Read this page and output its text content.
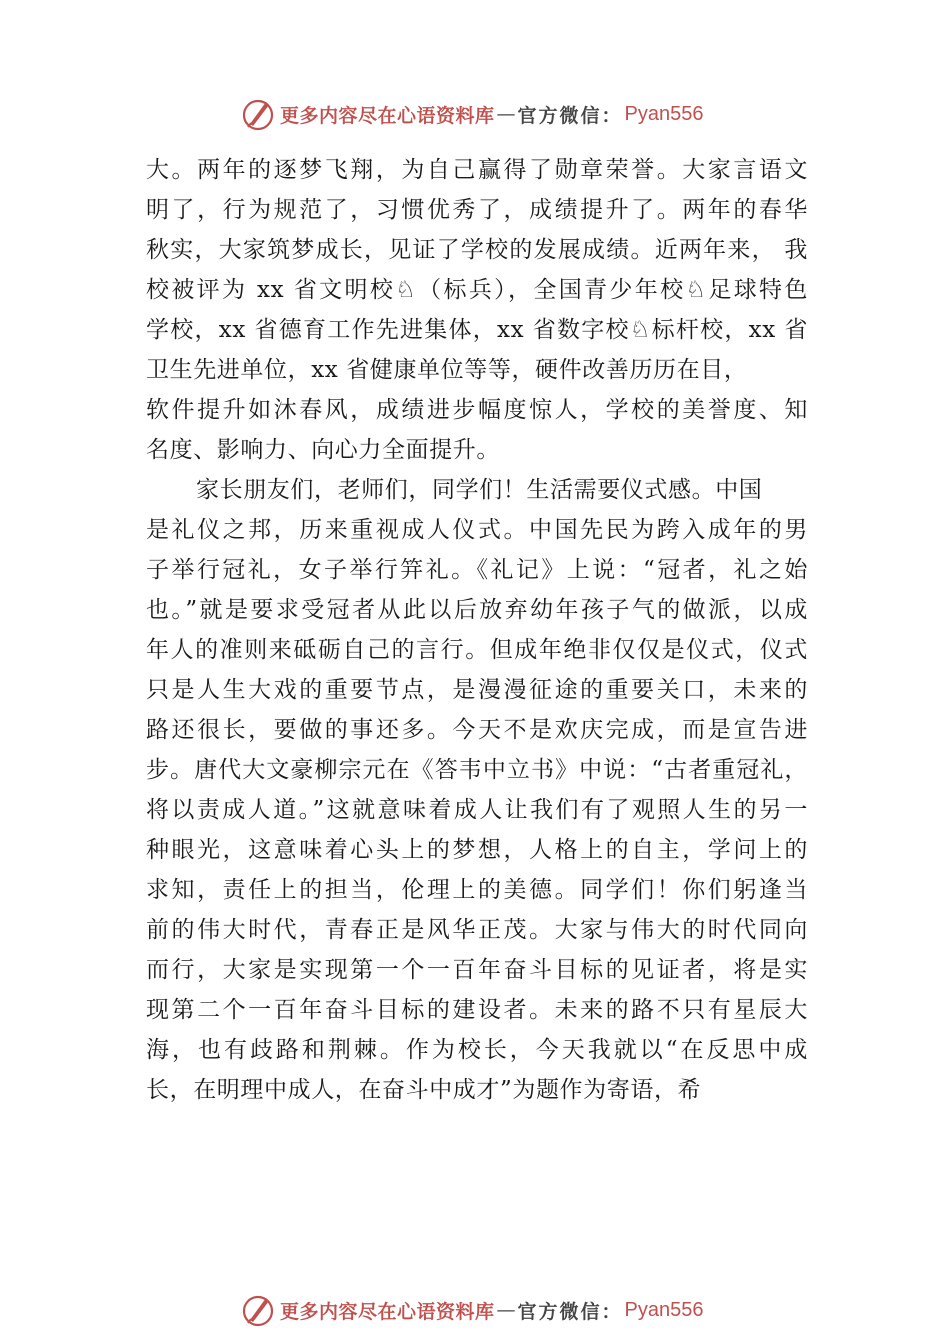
更多内容尽在心语资料库 — 官方微信： Pyan556
大。两年的逐梦飞翔，为自己赢得了勋章荣誉。大家言语文
明了，行为规范了，习惯优秀了，成绩提升了。两年的春华
秋实，大家筑梦成长，见证了学校的发展成绩。近两年来， 我
校被评为 xx 省文明校♘（标兵），全国青少年校♘足球特色
学校，xx 省德育工作先进集体，xx 省数字校♘标杆校，xx 省
卫生先进单位，xx 省健康单位等等，硬件改善历历在目，
软件提升如沐春风，成绩进步幅度惊人，学校的美誉度、知
名度、影响力、向心力全面提升。
家长朋友们，老师们，同学们！生活需要仪式感。中国
是礼仪之邦，历来重视成人仪式。中国先民为跨入成年的男
子举行冠礼，女子举行笄礼。《礼记》上说：“冠者，礼之始
也。”就是要求受冠者从此以后放弃幼年孩子气的做派，以成
年人的准则来砥砺自己的言行。但成年绝非仅仅是仪式，仪式
只是人生大戏的重要节点，是漫漫征途的重要关口，未来的
路还很长，要做的事还多。今天不是欢庆完成，而是宣告进
步。唐代大文豪柳宗元在《答韦中立书》中说：“古者重冠礼，
将以责成人道。”这就意味着成人让我们有了观照人生的另一
种眼光，这意味着心头上的梦想，人格上的自主，学问上的
求知，责任上的担当，伦理上的美德。同学们！你们躬逢当
前的伟大时代，青春正是风华正茂。大家与伟大的时代同向
而行，大家是实现第一个一百年奋斗目标的见证者，将是实
现第二个一百年奋斗目标的建设者。未来的路不只有星辰大
海，也有歧路和荆棘。作为校长，今天我就以“在反思中成
长，在明理中成人，在奋斗中成才”为题作为寄语，希
更多内容尽在心语资料库 — 官方微信： Pyan556
